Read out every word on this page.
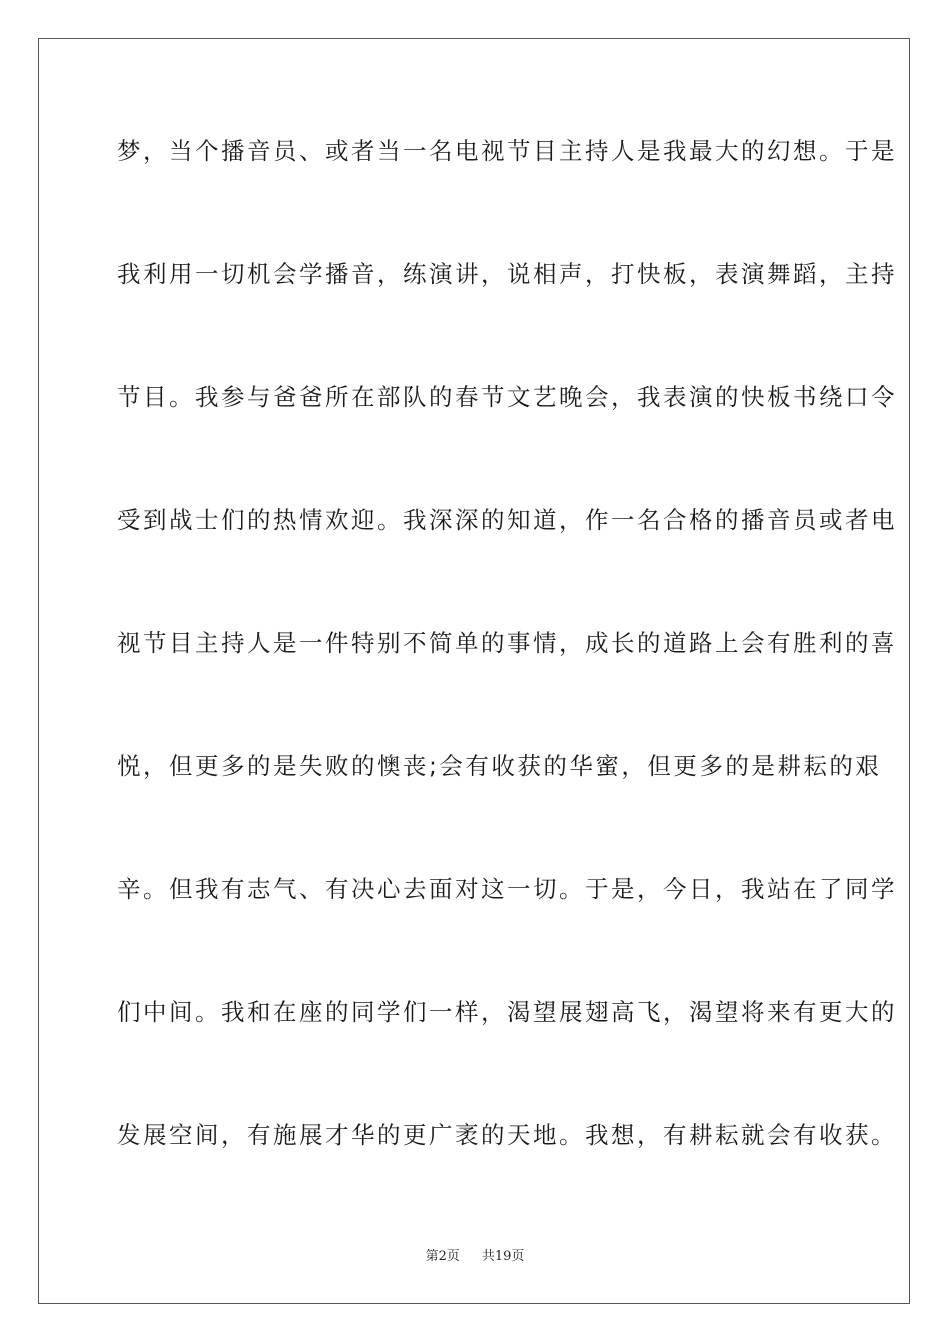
梦，当个播音员、或者当一名电视节目主持人是我最大的幻想。于是
我利用一切机会学播音，练演讲，说相声，打快板，表演舞蹈，主持
节目。我参与爸爸所在部队的春节文艺晚会，我表演的快板书绕口令
受到战士们的热情欢迎。我深深的知道，作一名合格的播音员或者电
视节目主持人是一件特别不简单的事情，成长的道路上会有胜利的喜
悦，但更多的是失败的懊丧;会有收获的华蜜，但更多的是耕耘的艰
辛。但我有志气、有决心去面对这一切。于是，今日，我站在了同学
们中间。我和在座的同学们一样，渴望展翅高飞，渴望将来有更大的
发展空间，有施展才华的更广袤的天地。我想，有耕耘就会有收获。
第2页 共19页
